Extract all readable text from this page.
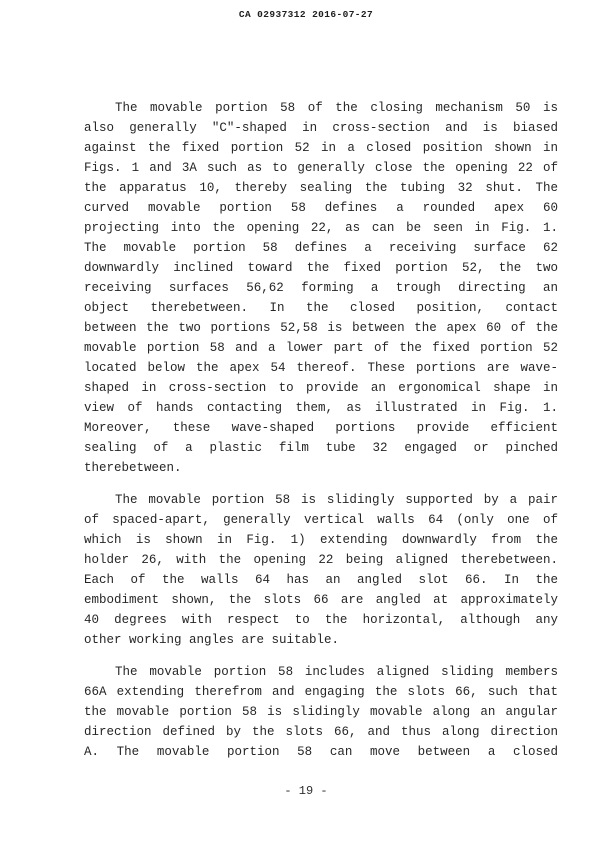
CA 02937312 2016-07-27
The movable portion 58 of the closing mechanism 50 is
also generally "C"-shaped in cross-section and is biased
against the fixed portion 52 in a closed position shown in
Figs. 1 and 3A such as to generally close the opening 22 of
the apparatus 10, thereby sealing the tubing 32 shut. The
curved movable portion 58 defines a rounded apex 60
projecting into the opening 22, as can be seen in Fig. 1.
The movable portion 58 defines a receiving surface 62
downwardly inclined toward the fixed portion 52, the two
receiving surfaces 56,62 forming a trough directing an
object therebetween. In the closed position, contact
between the two portions 52,58 is between the apex 60 of the
movable portion 58 and a lower part of the fixed portion 52
located below the apex 54 thereof. These portions are wave-
shaped in cross-section to provide an ergonomical shape in
view of hands contacting them, as illustrated in Fig. 1.
Moreover, these wave-shaped portions provide efficient
sealing of a plastic film tube 32 engaged or pinched
therebetween.
The movable portion 58 is slidingly supported by a pair
of spaced-apart, generally vertical walls 64 (only one of
which is shown in Fig. 1) extending downwardly from the
holder 26, with the opening 22 being aligned therebetween.
Each of the walls 64 has an angled slot 66. In the
embodiment shown, the slots 66 are angled at approximately
40 degrees with respect to the horizontal, although any
other working angles are suitable.
The movable portion 58 includes aligned sliding members
66A extending therefrom and engaging the slots 66, such that
the movable portion 58 is slidingly movable along an angular
direction defined by the slots 66, and thus along direction
A. The movable portion 58 can move between a closed
- 19 -
